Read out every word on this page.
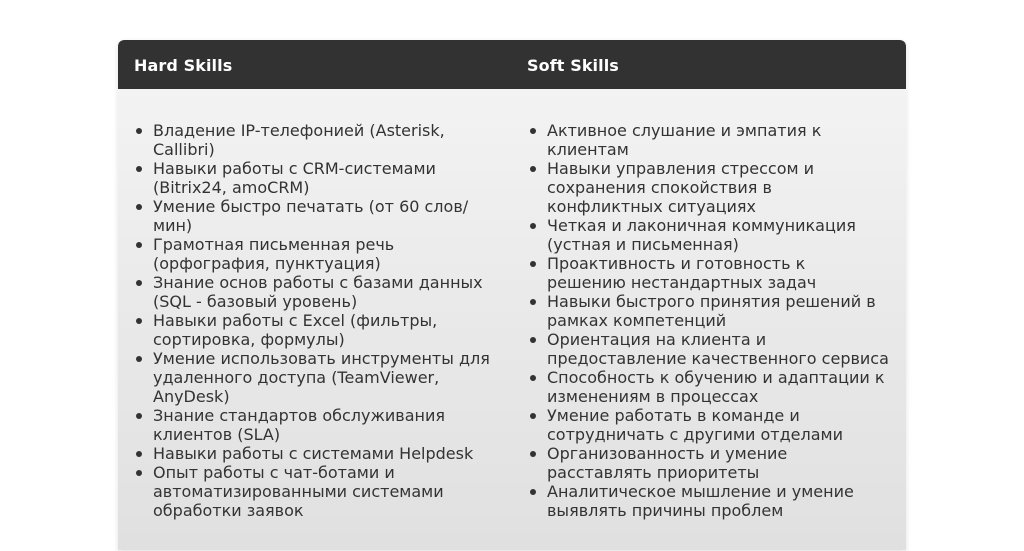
Hard Skills	Soft Skills
Владение IP-телефонией (Asterisk, Callibri)
Навыки работы с CRM-системами (Bitrix24, amoCRM)
Умение быстро печатать (от 60 слов/мин)
Грамотная письменная речь (орфография, пунктуация)
Знание основ работы с базами данных (SQL - базовый уровень)
Навыки работы с Excel (фильтры, сортировка, формулы)
Умение использовать инструменты для удаленного доступа (TeamViewer, AnyDesk)
Знание стандартов обслуживания клиентов (SLA)
Навыки работы с системами Helpdesk
Опыт работы с чат-ботами и автоматизированными системами обработки заявок
Активное слушание и эмпатия к клиентам
Навыки управления стрессом и сохранения спокойствия в конфликтных ситуациях
Четкая и лаконичная коммуникация (устная и письменная)
Проактивность и готовность к решению нестандартных задач
Навыки быстрого принятия решений в рамках компетенций
Ориентация на клиента и предоставление качественного сервиса
Способность к обучению и адаптации к изменениям в процессах
Умение работать в команде и сотрудничать с другими отделами
Организованность и умение расставлять приоритеты
Аналитическое мышление и умение выявлять причины проблем
